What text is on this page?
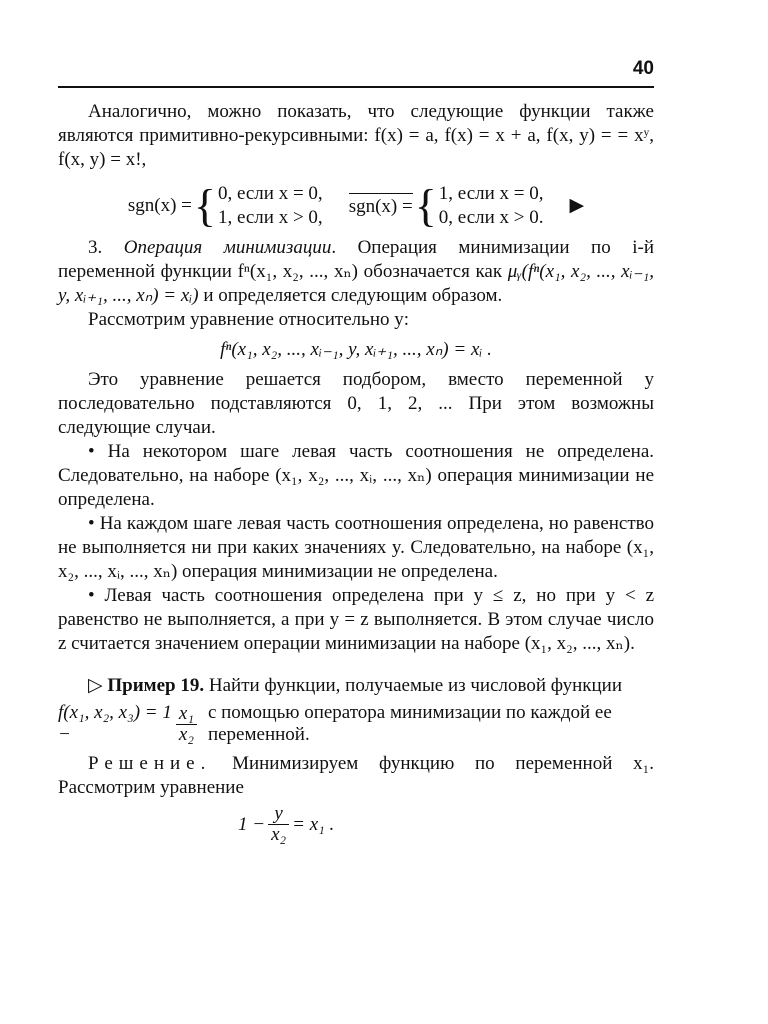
40

Аналогично, можно показать, что следующие функции также являются примитивно-рекурсивными: f(x) = a, f(x) = x + a, f(x, y) = = xʸ, f(x, y) = x!,

sgn(x) = { 0, если x = 0,
1, если x > 0,
sgn(x) = { 1, если x = 0,
0, если x > 0.
▶

3. Операция минимизации. Операция минимизации по i-й переменной функции fⁿ(x₁, x₂, ..., xₙ) обозначается как μᵧ(fⁿ(x₁, x₂, ..., xᵢ₋₁, y, xᵢ₊₁, ..., xₙ) = xᵢ) и определяется следующим образом.

Рассмотрим уравнение относительно y:

fⁿ(x₁, x₂, ..., xᵢ₋₁, y, xᵢ₊₁, ..., xₙ) = xᵢ .

Это уравнение решается подбором, вместо переменной y последовательно подставляются 0, 1, 2, ... При этом возможны следующие случаи.

• На некотором шаге левая часть соотношения не определена. Следовательно, на наборе (x₁, x₂, ..., xᵢ, ..., xₙ) операция минимизации не определена.

• На каждом шаге левая часть соотношения определена, но равенство не выполняется ни при каких значениях y. Следовательно, на наборе (x₁, x₂, ..., xᵢ, ..., xₙ) операция минимизации не определена.

• Левая часть соотношения определена при y ≤ z, но при y < z равенство не выполняется, а при y = z выполняется. В этом случае число z считается значением операции минимизации на наборе (x₁, x₂, ..., xₙ).

▷ Пример 19. Найти функции, получаемые из числовой функции

f(x₁, x₂, x₃) = 1 −	$\frac{\text{x₁}}{\text{x₂}}$ с помощью оператора минимизации по каждой ее переменной.

Решение. Минимизируем функцию по переменной x₁. Рассмотрим уравнение

$1 - \frac{y}{\text{x₂}} = x_1$ .
